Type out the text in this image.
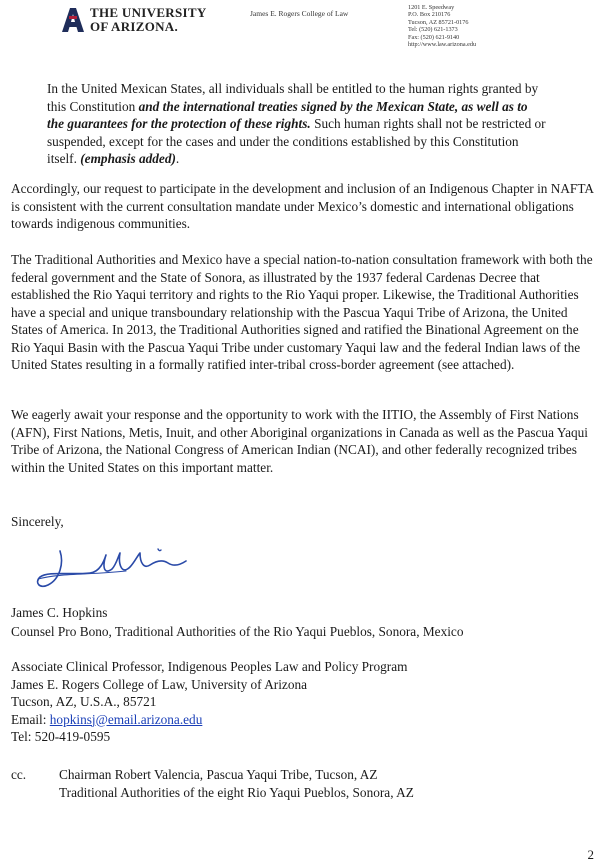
THE UNIVERSITY
OF ARIZONA.
James E. Rogers College of Law
1201 E. Speedway
P.O. Box 210176
Tucson, AZ 85721-0176
Tel: (520) 621-1373
Fax: (520) 621-9140
http://www.law.arizona.edu

In the United Mexican States, all individuals shall be entitled to the human rights granted by this Constitution and the international treaties signed by the Mexican State, as well as to the guarantees for the protection of these rights. Such human rights shall not be restricted or suspended, except for the cases and under the conditions established by this Constitution itself. (emphasis added).

Accordingly, our request to participate in the development and inclusion of an Indigenous Chapter in NAFTA is consistent with the current consultation mandate under Mexico’s domestic and international obligations towards indigenous communities.

The Traditional Authorities and Mexico have a special nation-to-nation consultation framework with both the federal government and the State of Sonora, as illustrated by the 1937 federal Cardenas Decree that established the Rio Yaqui territory and rights to the Rio Yaqui proper. Likewise, the Traditional Authorities have a special and unique transboundary relationship with the Pascua Yaqui Tribe of Arizona, the United States of America. In 2013, the Traditional Authorities signed and ratified the Binational Agreement on the Rio Yaqui Basin with the Pascua Yaqui Tribe under customary Yaqui law and the federal Indian laws of the United States resulting in a formally ratified inter-tribal cross-border agreement (see attached).

We eagerly await your response and the opportunity to work with the IITIO, the Assembly of First Nations (AFN), First Nations, Metis, Inuit, and other Aboriginal organizations in Canada as well as the Pascua Yaqui Tribe of Arizona, the National Congress of American Indian (NCAI), and other federally recognized tribes within the United States on this important matter.

Sincerely,
James C. Hopkins
Counsel Pro Bono, Traditional Authorities of the Rio Yaqui Pueblos, Sonora, Mexico
Associate Clinical Professor, Indigenous Peoples Law and Policy Program
James E. Rogers College of Law, University of Arizona
Tucson, AZ, U.S.A., 85721
Email: hopkinsj@email.arizona.edu
Tel: 520-419-0595
cc. Chairman Robert Valencia, Pascua Yaqui Tribe, Tucson, AZ
Traditional Authorities of the eight Rio Yaqui Pueblos, Sonora, AZ
2
